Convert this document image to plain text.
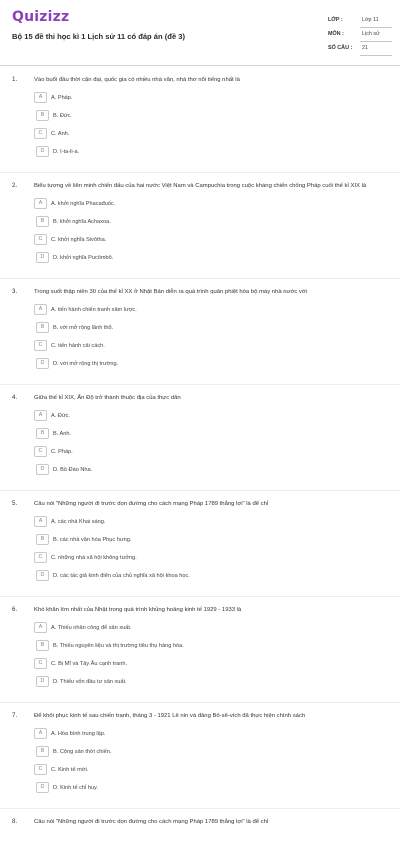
Quizizz
Bộ 15 đề thi học kì 1 Lịch sử 11 có đáp án (đề 3)
LỚP :	Lớp 11
MÔN :	Lịch sử
SỐ CÂU : 21
1.	Vào buổi đầu thời cận đại, quốc gia có nhiều nhà văn, nhà thơ nổi tiếng nhất là
A	A. Pháp.
B	B. Đức.
C	C. Anh.
D	D. I-ta-li-a.
2.	Biểu tượng về liên minh chiến đấu của hai nước Việt Nam và Campuchia trong cuộc kháng chiến chống Pháp cuối thế kỉ XIX là
A	A. khởi nghĩa Phacađuốc.
B	B. khởi nghĩa Achaxoa.
C	C. khởi nghĩa Sivôtha.
D	D. khởi nghĩa Pucômbô.
3.	Trong suốt thập niên 30 của thế kỉ XX ở Nhật Bản diễn ra quá trình quân phiệt hóa bộ máy nhà nước với
A	A. tiến hành chiến tranh xâm lược.
B	B. với mở rộng lãnh thổ.
C	C. tiến hành cải cách.
D	D. với mở rộng thị trường.
4.	Giữa thế kỉ XIX, Ấn Độ trở thành thuộc địa của thực dân
A	A. Đức.
B	B. Anh.
C	C. Pháp.
D	D. Bồ Đào Nha.
5.	Câu nói "Những người đi trước dọn đường cho cách mạng Pháp 1789 thắng lợi" là để chỉ
A	A. các nhà Khai sáng.
B	B. các nhà văn hóa Phục hưng.
C	C. những nhà xã hội không tưởng.
D	D. các tác giả kinh điển của chủ nghĩa xã hội khoa học.
6.	Khó khăn lớn nhất của Nhật trong quá trình khủng hoảng kinh tế 1929 - 1933 là
A	A. Thiếu nhân công để sản xuất.
B	B. Thiếu nguyên liệu và thị trường tiêu thụ hàng hóa.
C	C. Bị Mĩ và Tây Âu cạnh tranh.
D	D. Thiếu vốn đầu tư sản xuất.
7.	Để khôi phục kinh tế sau chiến tranh, tháng 3 - 1921 Lê nin và đảng Bô-sê-vích đã thực hiện chính sách
A	A. Hòa bình trung lập.
B	B. Cộng sản thời chiến.
C	C. Kinh tế mới.
D	D. Kinh tế chỉ huy.
8.	Câu nói "Những người đi trước dọn đường cho cách mạng Pháp 1789 thắng lợi" là để chỉ
